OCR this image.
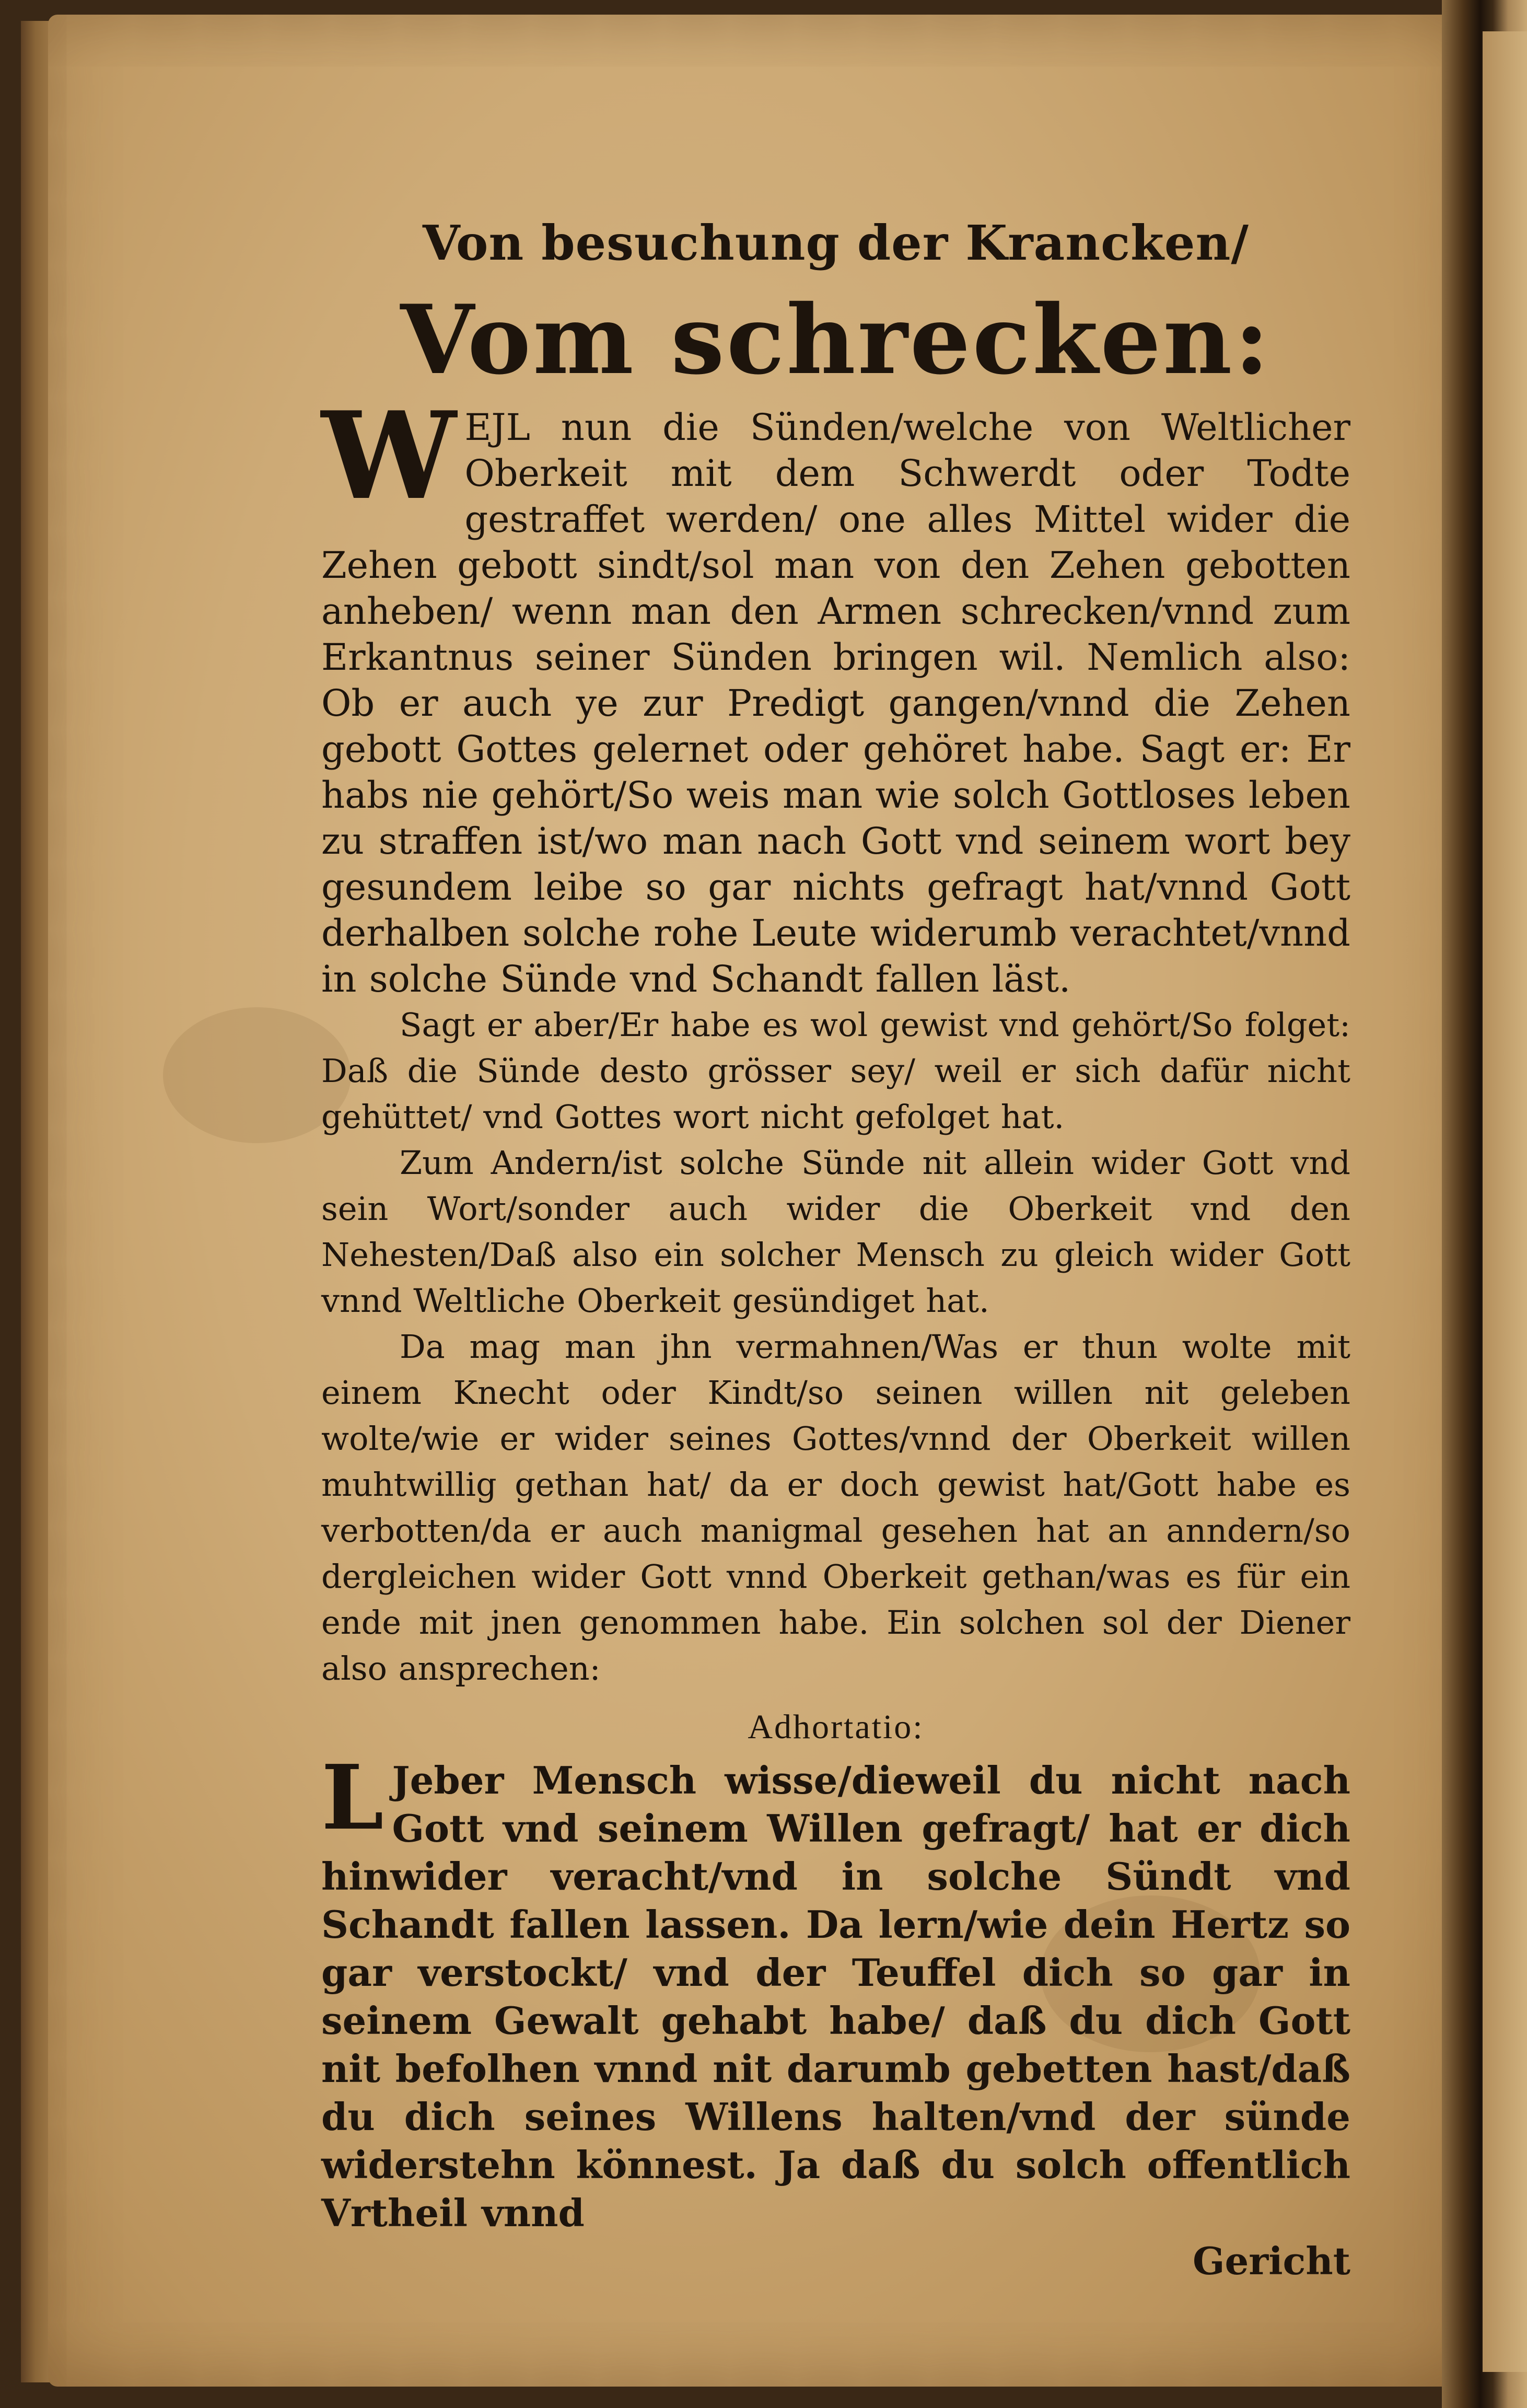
Von besuchung der Krancken/
Vom schrecken:

W EJL nun die Sünden/welche von Weltlicher Oberkeit mit dem Schwerdt oder Todte gestraffet werden/ one alles Mittel wider die Zehen gebott sindt/sol man von den Zehen gebotten anheben/ wenn man den Armen schrecken/vnnd zum Erkantnus seiner Sünden bringen wil. Nemlich also: Ob er auch ye zur Predigt gangen/vnnd die Zehen gebott Gottes gelernet oder gehöret habe. Sagt er: Er habs nie gehört/So weis man wie solch Gottloses leben zu straffen ist/wo man nach Gott vnd seinem wort bey gesundem leibe so gar nichts gefragt hat/vnnd Gott derhalben solche rohe Leute widerumb verachtet/vnnd in solche Sünde vnd Schandt fallen läst.

Sagt er aber/Er habe es wol gewist vnd gehört/So folget: Daß die Sünde desto grösser sey/ weil er sich dafür nicht gehüttet/ vnd Gottes wort nicht gefolget hat.

Zum Andern/ist solche Sünde nit allein wider Gott vnd sein Wort/sonder auch wider die Oberkeit vnd den Nehesten/Daß also ein solcher Mensch zu gleich wider Gott vnnd Weltliche Oberkeit gesündiget hat.

Da mag man jhn vermahnen/Was er thun wolte mit einem Knecht oder Kindt/so seinen willen nit geleben wolte/wie er wider seines Gottes/vnnd der Oberkeit willen muhtwillig gethan hat/ da er doch gewist hat/Gott habe es verbotten/da er auch manigmal gesehen hat an anndern/so dergleichen wider Gott vnnd Oberkeit gethan/was es für ein ende mit jnen genommen habe. Ein solchen sol der Diener also ansprechen:

Adhortatio:

L Jeber Mensch wisse/dieweil du nicht nach Gott vnd seinem Willen gefragt/ hat er dich hinwider veracht/vnd in solche Sündt vnd Schandt fallen lassen. Da lern/wie dein Hertz so gar verstockt/ vnd der Teuffel dich so gar in seinem Gewalt gehabt habe/ daß du dich Gott nit befolhen vnnd nit darumb gebetten hast/daß du dich seines Willens halten/vnd der sünde widerstehn könnest. Ja daß du solch offentlich Vrtheil vnnd

Gericht
